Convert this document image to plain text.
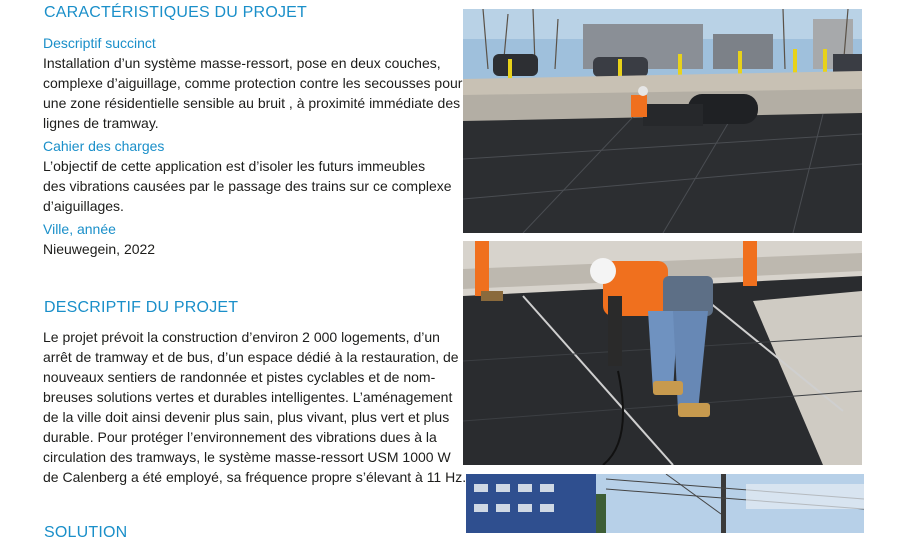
CARACTÉRISTIQUES DU PROJET

Descriptif succinct

Installation d’un système masse-ressort, pose en deux couches,
complexe d’aiguillage, comme protection contre les secousses pour
une zone résidentielle sensible au bruit , à proximité immédiate des
lignes de tramway.

Cahier des charges

L’objectif de cette application est d’isoler les futurs immeubles
des vibrations causées par le passage des trains sur ce complexe
d’aiguillages.

Ville, année

Nieuwegein, 2022

DESCRIPTIF DU PROJET
Le projet prévoit la construction d’environ 2 000 logements, d’un
arrêt de tramway et de bus, d’un espace dédié à la restauration, de
nouveaux sentiers de randonnée et pistes cyclables et de nom-
breuses solutions vertes et durables intelligentes. L’aménagement
de la ville doit ainsi devenir plus sain, plus vivant, plus vert et plus
durable. Pour protéger l’environnement des vibrations dues à la
circulation des tramways, le système masse-ressort USM 1000 W
de Calenberg a été employé, sa fréquence propre s’élevant à 11 Hz.
SOLUTION
